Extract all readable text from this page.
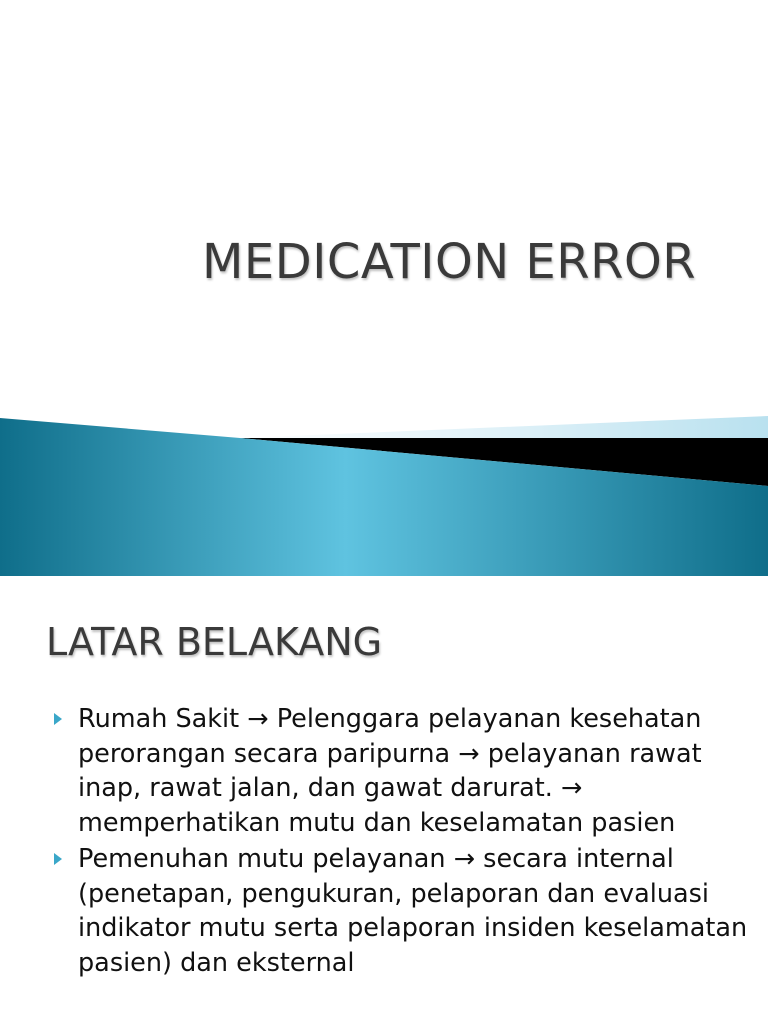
MEDICATION ERROR
LATAR BELAKANG
Rumah Sakit → Pelenggara pelayanan kesehatan perorangan secara paripurna → pelayanan rawat inap, rawat jalan, dan gawat darurat. → memperhatikan mutu dan keselamatan pasien
Pemenuhan mutu pelayanan → secara internal (penetapan, pengukuran, pelaporan dan evaluasi indikator mutu serta pelaporan insiden keselamatan pasien) dan eksternal
